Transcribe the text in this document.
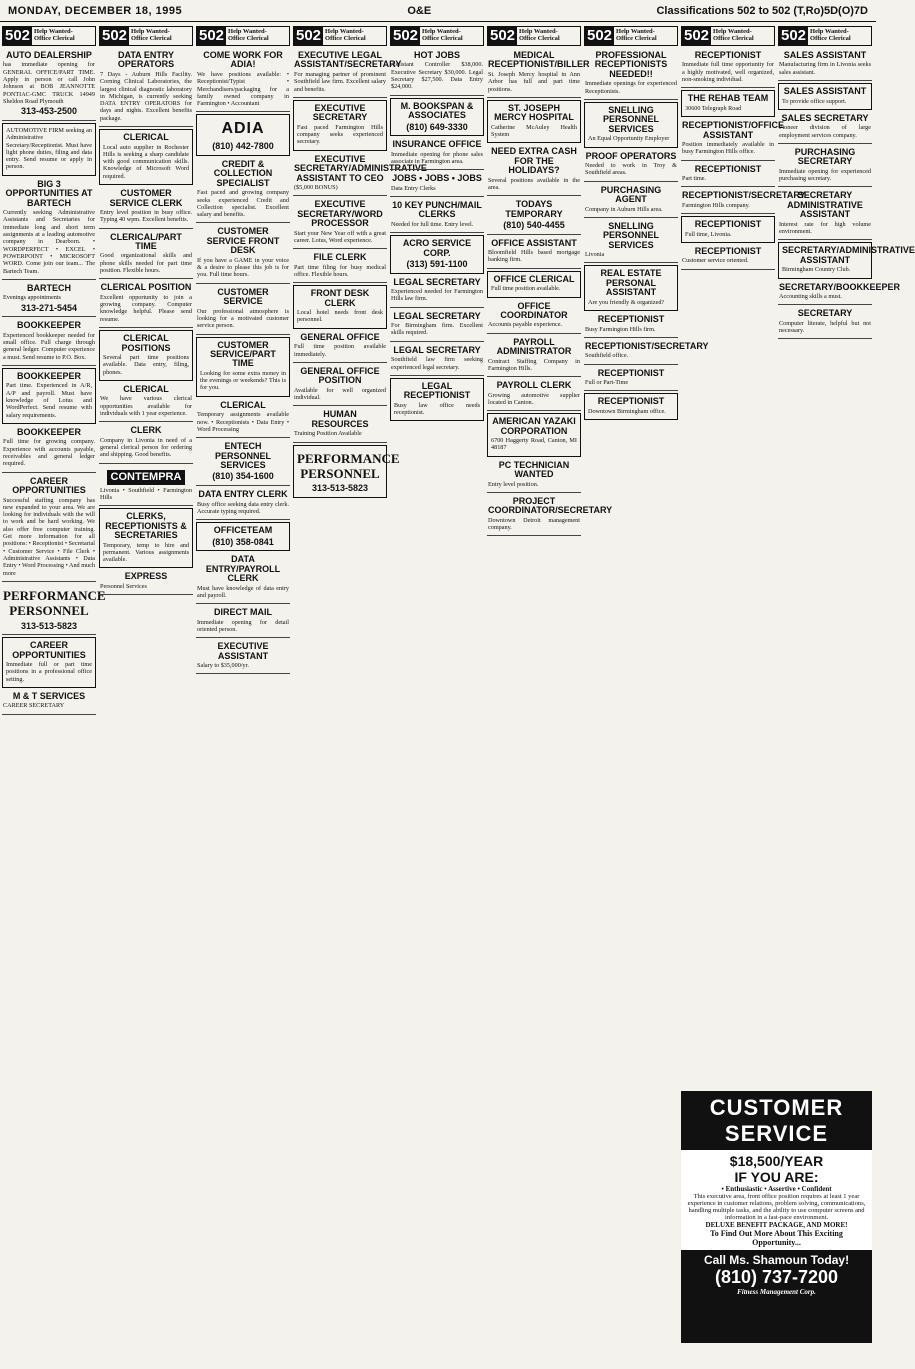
MONDAY, DECEMBER 18, 1995	O&E	Classifications 502 to 502 (T,Ro)5D(O)7D
502 Help Wanted-
Office Clerical
AUTO DEALERSHIP

has immediate opening for GENERAL OFFICE/PART TIME. Apply in person or call John Johnson at BOB JEANNOTTE PONTIAC-GMC TRUCK 14949 Sheldon Road Plymouth

313-453-2500

AUTOMOTIVE FIRM seeking an Administrative Secretary/Receptionist. Must have light phone duties, filing and data entry. Send resume or apply in person.

BIG 3 OPPORTUNITIES AT BARTECH

Currently seeking Administrative Assistants and Secretaries for immediate long and short term assignments at a leading automotive company in Dearborn. • WORDPERFECT • EXCEL • POWERPOINT • MICROSOFT WORD. Come join our team... The Bartech Team.

BARTECH

Evenings appointments

313-271-5454
BOOKKEEPER

Experienced bookkeeper needed for small office. Full charge through general ledger. Computer experience a must. Send resume to P.O. Box.

BOOKKEEPER

Part time. Experienced in A/R, A/P and payroll. Must have knowledge of Lotus and WordPerfect. Send resume with salary requirements.

BOOKKEEPER

Full time for growing company. Experience with accounts payable, receivables and general ledger required.

CAREER OPPORTUNITIES

Successful staffing company has new expanded to your area. We are looking for individuals with the will to work and be hard working. We also offer free computer training. Get more information for all positions: • Receptionist • Secretarial • Customer Service • File Clerk • Administrative Assistants • Data Entry • Word Processing • And much more

PERFORMANCE PERSONNEL
313-513-5823
CAREER OPPORTUNITIES

Immediate full or part time positions in a professional office setting.

M & T SERVICES

CAREER SECRETARY

502 Help Wanted-
Office Clerical
DATA ENTRY OPERATORS

7 Days - Auburn Hills Facility. Corning Clinical Laboratories, the largest clinical diagnostic laboratory in Michigan, is currently seeking DATA ENTRY OPERATORS for days and nights. Excellent benefits package.

CLERICAL

Local auto supplier in Rochester Hills is seeking a sharp candidate with good communication skills. Knowledge of Microsoft Word required.

CUSTOMER SERVICE CLERK

Entry level position in busy office. Typing 40 wpm. Excellent benefits.

CLERICAL/PART TIME

Good organizational skills and phone skills needed for part time position. Flexible hours.

CLERICAL POSITION

Excellent opportunity to join a growing company. Computer knowledge helpful. Please send resume.

CLERICAL POSITIONS

Several part time positions available. Data entry, filing, phones.

CLERICAL

We have various clerical opportunities available for individuals with 1 year experience.

CLERK

Company in Livonia in need of a general clerical person for ordering and shipping. Good benefits.

CONTEMPRA

Livonia • Southfield • Farmington Hills

CLERKS, RECEPTIONISTS & SECRETARIES

Temporary, temp to hire and permanent. Various assignments available.

EXPRESS

Personnel Services

502 Help Wanted-
Office Clerical
COME WORK FOR ADIA!

We have positions available: • Receptionist/Typist • Merchandisers/packaging for a family owned company in Farmington • Accountant

ADIA
(810) 442-7800
CREDIT & COLLECTION SPECIALIST

Fast paced and growing company seeks experienced Credit and Collection specialist. Excellent salary and benefits.

CUSTOMER SERVICE FRONT DESK

If you have a GAME in your voice & a desire to please this job is for you. Full time hours.

CUSTOMER SERVICE

Our professional atmosphere is looking for a motivated customer service person.

CUSTOMER SERVICE/PART TIME

Looking for some extra money in the evenings or weekends? This is for you.

CLERICAL

Temporary assignments available now. • Receptionists • Data Entry • Word Processing

ENTECH PERSONNEL SERVICES
(810) 354-1600
DATA ENTRY CLERK

Busy office seeking data entry clerk. Accurate typing required.

OFFICETEAM
(810) 358-0841
DATA ENTRY/PAYROLL CLERK

Must have knowledge of data entry and payroll.

DIRECT MAIL

Immediate opening for detail oriented person.

EXECUTIVE ASSISTANT

Salary to $35,000/yr.

502 Help Wanted-
Office Clerical
EXECUTIVE LEGAL ASSISTANT/SECRETARY

For managing partner of prominent Southfield law firm. Excellent salary and benefits.

EXECUTIVE SECRETARY

Fast paced Farmington Hills company seeks experienced secretary.

EXECUTIVE SECRETARY/ADMINISTRATIVE ASSISTANT TO CEO

($5,000 BONUS)

EXECUTIVE SECRETARY/WORD PROCESSOR

Start your New Year off with a great career. Lotus, Word experience.

FILE CLERK

Part time filing for busy medical office. Flexible hours.

FRONT DESK CLERK

Local hotel needs front desk personnel.

GENERAL OFFICE

Full time position available immediately.

GENERAL OFFICE POSITION

Available for well organized individual.

HUMAN RESOURCES

Training Position Available

PERFORMANCE PERSONNEL
313-513-5823
502 Help Wanted-
Office Clerical
HOT JOBS

Assistant Controller $38,000. Executive Secretary $30,000. Legal Secretary $27,500. Data Entry $24,000.

M. BOOKSPAN & ASSOCIATES
(810) 649-3330
INSURANCE OFFICE

Immediate opening for phone sales associate in Farmington area.

JOBS • JOBS • JOBS

Data Entry Clerks

10 KEY PUNCH/MAIL CLERKS

Needed for full time. Entry level.

ACRO SERVICE CORP.
(313) 591-1100
LEGAL SECRETARY

Experienced needed for Farmington Hills law firm.

LEGAL SECRETARY

For Birmingham firm. Excellent skills required.

LEGAL SECRETARY

Southfield law firm seeking experienced legal secretary.

LEGAL RECEPTIONIST

Busy law office needs receptionist.

502 Help Wanted-
Office Clerical
MEDICAL RECEPTIONIST/BILLER

St. Joseph Mercy hospital in Ann Arbor has full and part time positions.

ST. JOSEPH MERCY HOSPITAL

Catherine McAuley Health System

NEED EXTRA CASH FOR THE HOLIDAYS?

Several positions available in the area.

TODAYS TEMPORARY
(810) 540-4455
OFFICE ASSISTANT

Bloomfield Hills based mortgage banking firm.

OFFICE CLERICAL

Full time position available.

OFFICE COORDINATOR

Accounts payable experience.

PAYROLL ADMINISTRATOR

Contract Staffing Company in Farmington Hills.

PAYROLL CLERK

Growing automotive supplier located in Canton.

AMERICAN YAZAKI CORPORATION

6700 Haggerty Road, Canton, MI 48187

PC TECHNICIAN WANTED

Entry level position.

PROJECT COORDINATOR/SECRETARY

Downtown Detroit management company.

502 Help Wanted-
Office Clerical
PROFESSIONAL RECEPTIONISTS NEEDED!!

Immediate openings for experienced Receptionists.

SNELLING PERSONNEL SERVICES

An Equal Opportunity Employer

PROOF OPERATORS

Needed to work in Troy & Southfield areas.

PURCHASING AGENT

Company in Auburn Hills area.

SNELLING PERSONNEL SERVICES

Livonia

REAL ESTATE PERSONAL ASSISTANT

Are you friendly & organized?

RECEPTIONIST

Busy Farmington Hills firm.

RECEPTIONIST/SECRETARY

Southfield office.

RECEPTIONIST

Full or Part-Time

RECEPTIONIST

Downtown Birmingham office.

502 Help Wanted-
Office Clerical
RECEPTIONIST

Immediate full time opportunity for a highly motivated, well organized, non-smoking individual.

THE REHAB TEAM

30600 Telegraph Road

RECEPTIONIST/OFFICE ASSISTANT

Position immediately available in busy Farmington Hills office.

RECEPTIONIST

Part time.

RECEPTIONIST/SECRETARY

Farmington Hills company.

RECEPTIONIST

Full time, Livonia.

RECEPTIONIST

Customer service oriented.

502 Help Wanted-
Office Clerical
SALES ASSISTANT

Manufacturing firm in Livonia seeks sales assistant.

SALES ASSISTANT

To provide office support.

SALES SECRETARY

Pioneer division of large employment services company.

PURCHASING SECRETARY

Immediate opening for experienced purchasing secretary.

SECRETARY ADMINISTRATIVE ASSISTANT

Interest rate for high volume environment.

SECRETARY/ADMINISTRATIVE ASSISTANT

Birmingham Country Club.

SECRETARY/BOOKKEEPER

Accounting skills a must.

SECRETARY

Computer literate, helpful but not necessary.

CUSTOMER SERVICE
$18,500/YEAR
IF YOU ARE:
• Enthusiastic • Assertive • Confident

This executive area, front office position requires at least 1 year experience in customer relations, problem solving, communications, handling multiple tasks, and the ability to use computer screens and information in a fast-pace environment.

DELUXE BENEFIT PACKAGE, AND MORE!
To Find Out More About This Exciting Opportunity...
Call Ms. Shamoun Today!
(810) 737-7200
Fitness Management Corp.
